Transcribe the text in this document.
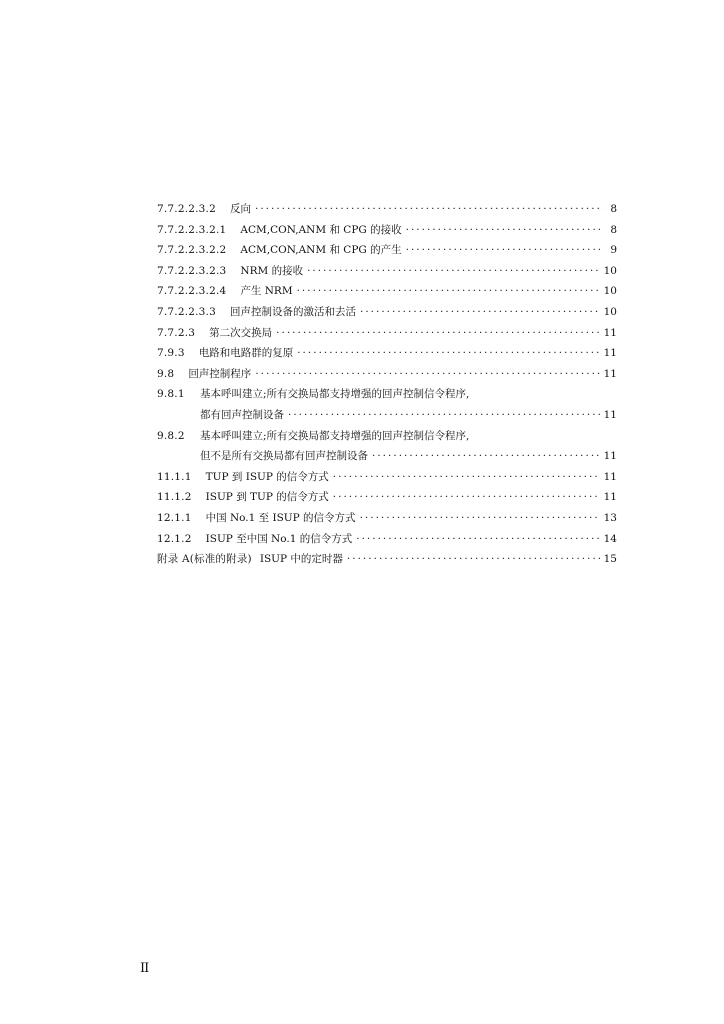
7.7.2.2.3.2 反向 ·····	8
7.7.2.2.3.2.1 ACM,CON,ANM 和 CPG 的接收 ·····	8
7.7.2.2.3.2.2 ACM,CON,ANM 和 CPG 的产生 ·····	9
7.7.2.2.3.2.3 NRM 的接收 ·····	10
7.7.2.2.3.2.4 产生 NRM ·····	10
7.7.2.2.3.3 回声控制设备的激活和去活 ·····	10
7.7.2.3 第二次交换局 ·····	11
7.9.3 电路和电路群的复原 ·····	11
9.8 回声控制程序 ·····	11
9.8.1 基本呼叫建立;所有交换局都支持增强的回声控制信令程序,
都有回声控制设备 ·····	11
9.8.2 基本呼叫建立;所有交换局都支持增强的回声控制信令程序,
但不是所有交换局都有回声控制设备 ·····	11
11.1.1 TUP 到 ISUP 的信令方式 ·····	11
11.1.2 ISUP 到 TUP 的信令方式 ·····	11
12.1.1 中国 No.1 至 ISUP 的信令方式 ·····	13
12.1.2 ISUP 至中国 No.1 的信令方式 ·····	14
附录 A(标准的附录) ISUP 中的定时器 ·····	15
II
